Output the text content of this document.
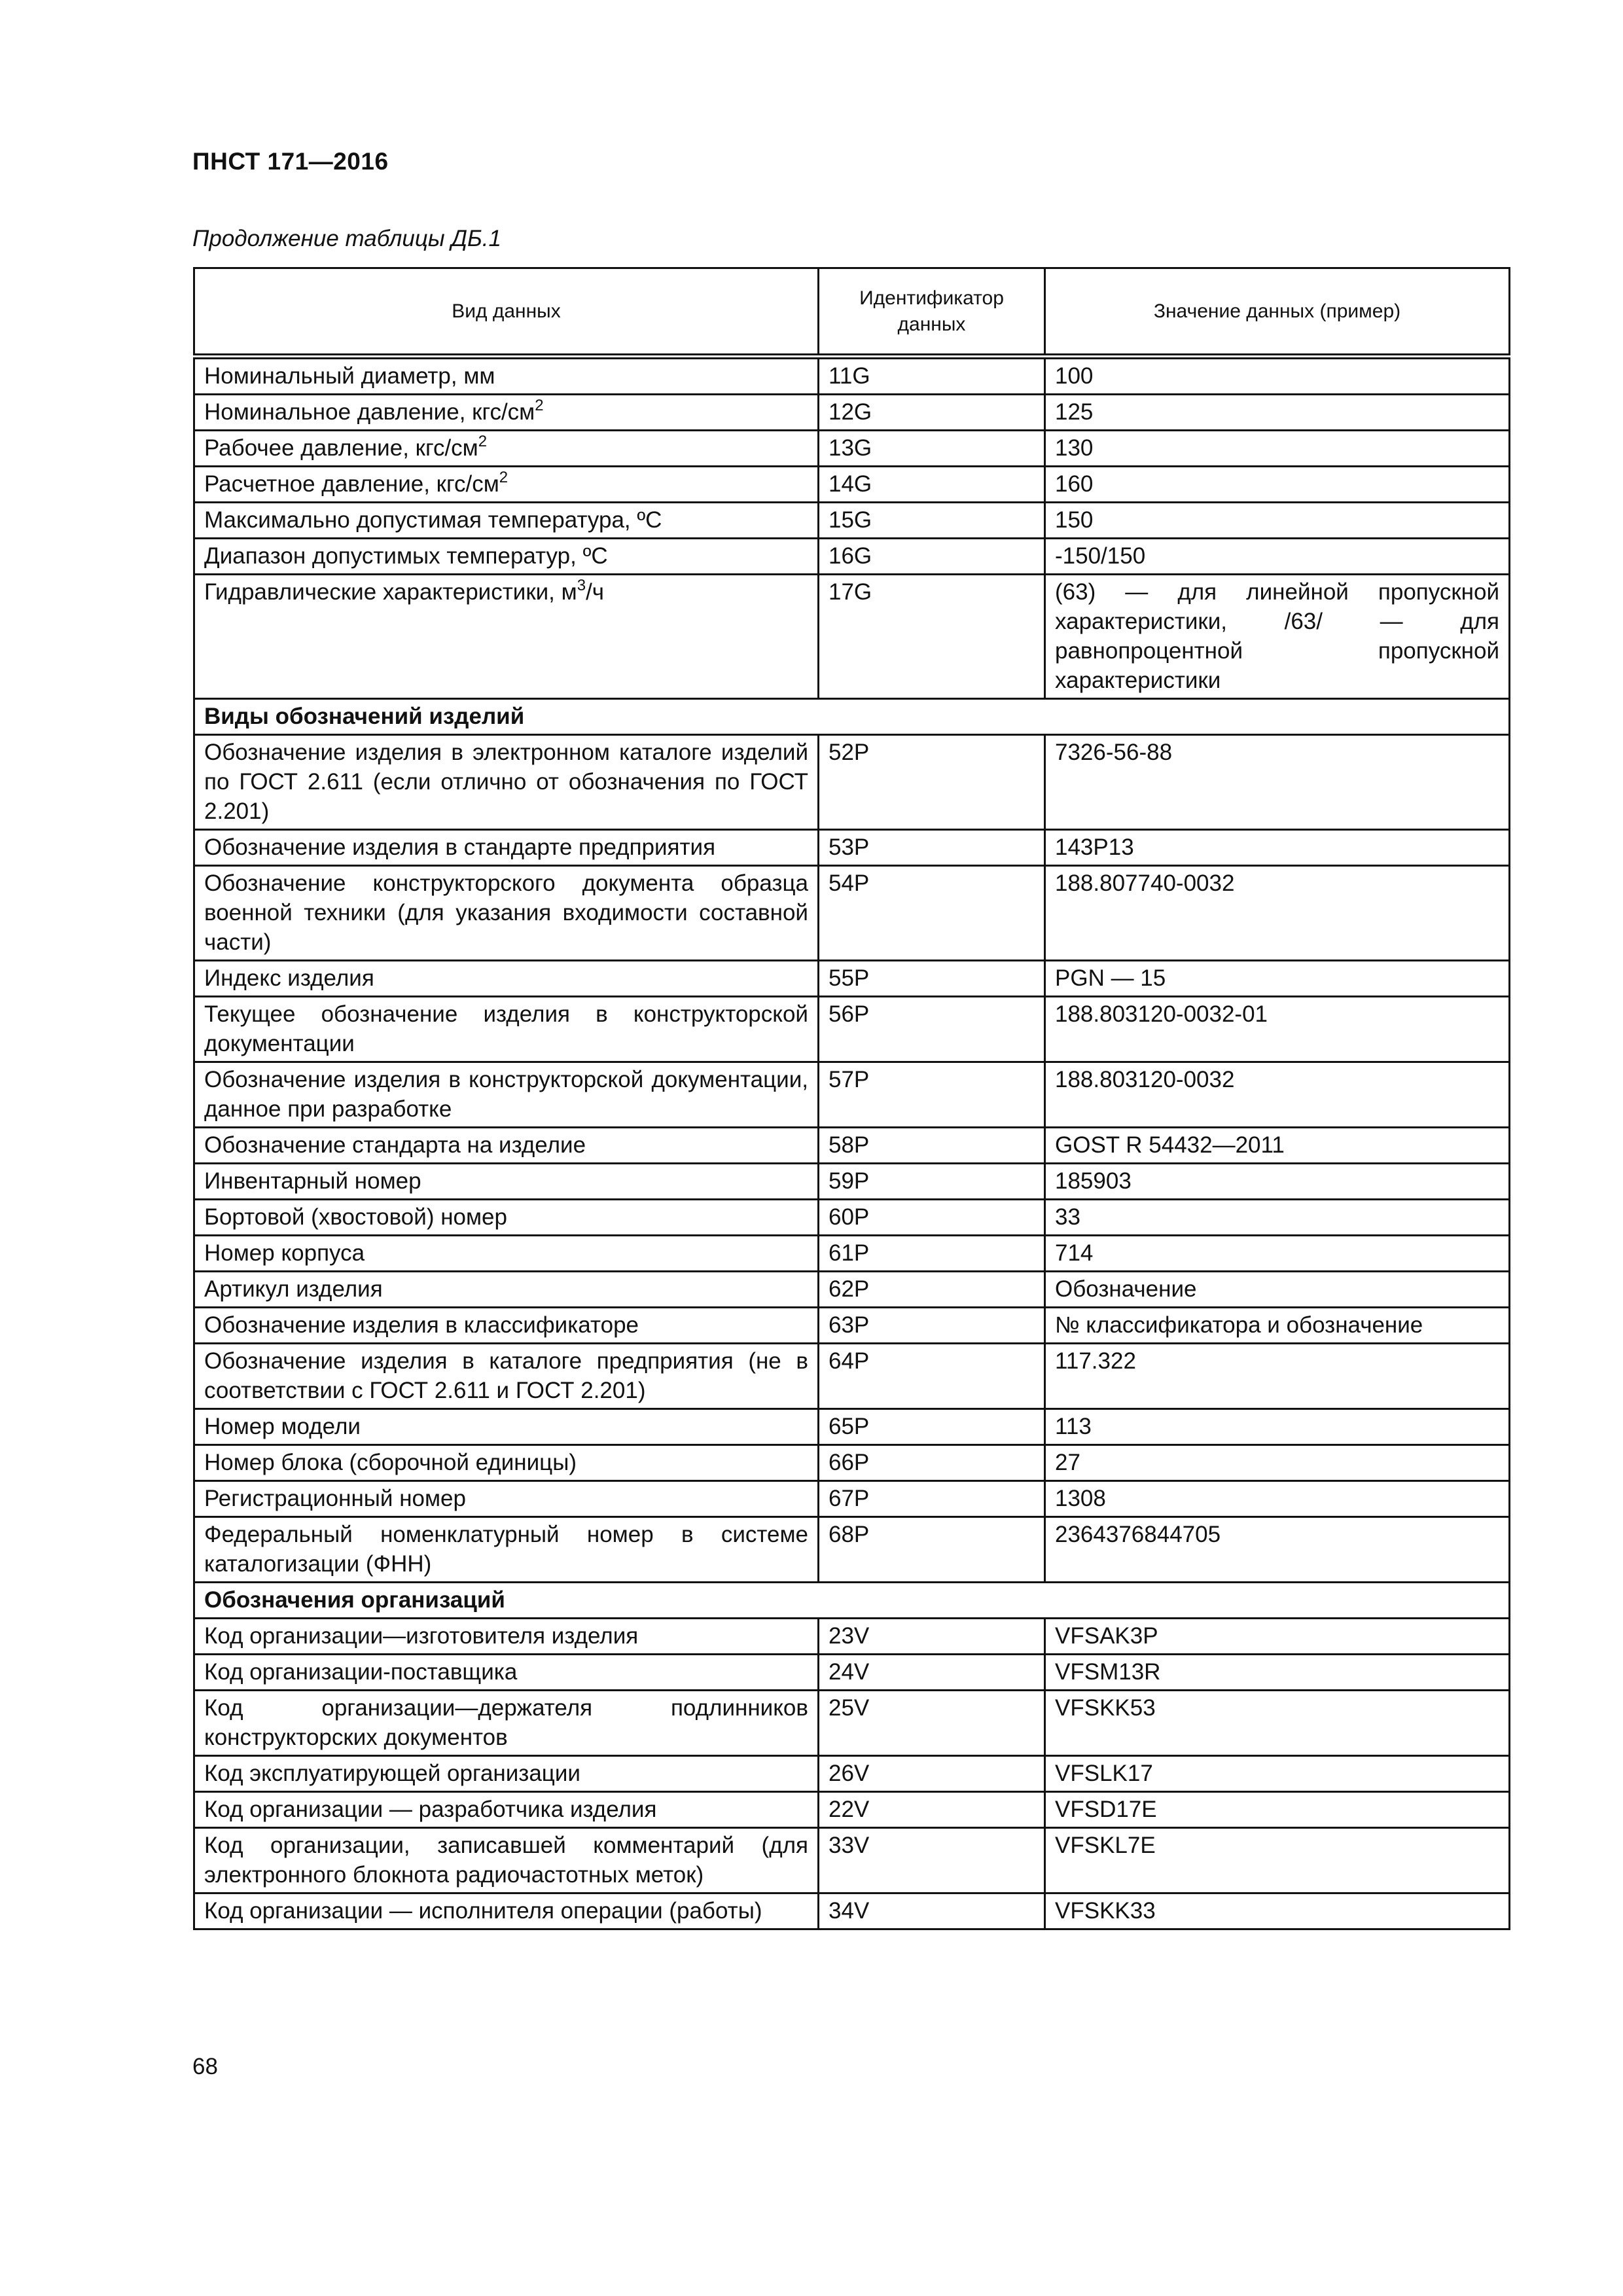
ПНСТ 171—2016
Продолжение таблицы ДБ.1
Вид данных	Идентификатор данных	Значение данных (пример)
Номинальный диаметр, мм	11G	100
Номинальное давление, кгс/$см^2$	12G	125
Рабочее давление, кгс/$см^2$	13G	130
Расчетное давление, кгс/$см^2$	14G	160
Максимально допустимая температура, ºС	15G	150
Диапазон допустимых температур, ºС	16G	-150/150
Гидравлические характеристики, $м^3/ч$	17G	(63) — для линейной пропускной характеристики, /63/ — для равнопроцентной пропускной характеристики
Виды обозначений изделий		
Обозначение изделия в электронном каталоге изделий по ГОСТ 2.611 (если отлично от обозначения по ГОСТ 2.201)	52P	7326-56-88
Обозначение изделия в стандарте предприятия	53P	143P13
Обозначение конструкторского документа образца военной техники (для указания входимости составной части)	54P	188.807740-0032
Индекс изделия	55P	PGN — 15
Текущее обозначение изделия в конструкторской документации	56P	188.803120-0032-01
Обозначение изделия в конструкторской документации, данное при разработке	57P	188.803120-0032
Обозначение стандарта на изделие	58P	GOST R 54432—2011
Инвентарный номер	59P	185903
Бортовой (хвостовой) номер	60P	33
Номер корпуса	61P	714
Артикул изделия	62P	Обозначение
Обозначение изделия в классификаторе	63P	№ классификатора и обозначение
Обозначение изделия в каталоге предприятия (не в соответствии с ГОСТ 2.611 и ГОСТ 2.201)	64P	117.322
Номер модели	65P	113
Номер блока (сборочной единицы)	66P	27
Регистрационный номер	67P	1308
Федеральный номенклатурный номер в системе каталогизации (ФНН)	68P	2364376844705
Обозначения организаций		
Код организации—изготовителя изделия	23V	VFSAK3P
Код организации-поставщика	24V	VFSM13R
Код организации—держателя подлинников конструкторских документов	25V	VFSKK53
Код эксплуатирующей организации	26V	VFSLK17
Код организации — разработчика изделия	22V	VFSD17E
Код организации, записавшей комментарий (для электронного блокнота радиочастотных меток)	33V	VFSKL7E
Код организации — исполнителя операции (работы)	34V	VFSKK33
68
